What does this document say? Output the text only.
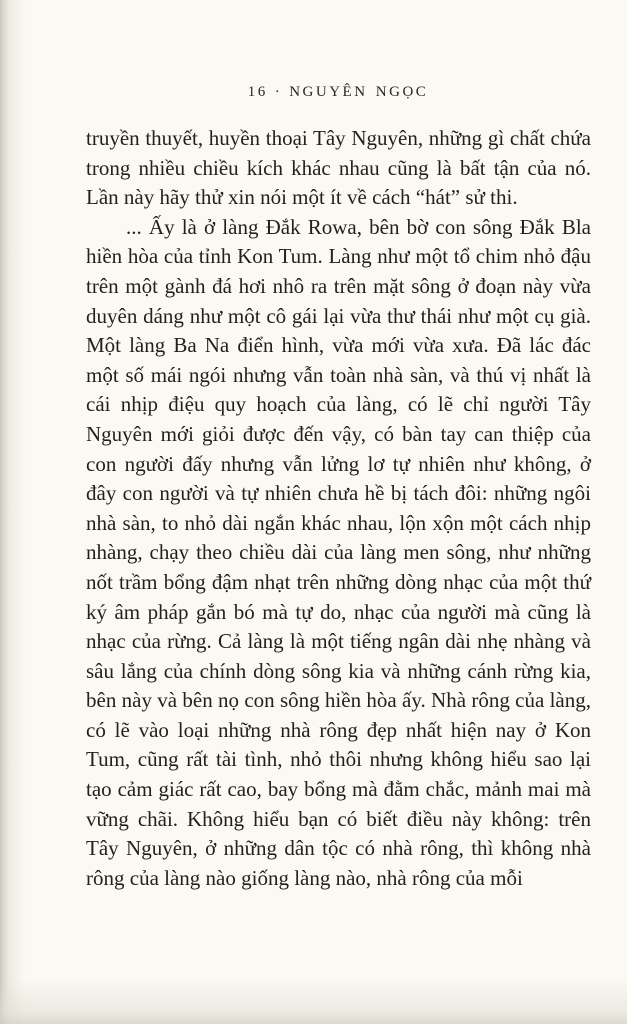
16 · NGUYÊN NGỌC

truyền thuyết, huyền thoại Tây Nguyên, những gì chất chứa trong nhiều chiều kích khác nhau cũng là bất tận của nó. Lần này hãy thử xin nói một ít về cách “hát” sử thi.

... Ấy là ở làng Đắk Rowa, bên bờ con sông Đắk Bla hiền hòa của tỉnh Kon Tum. Làng như một tổ chim nhỏ đậu trên một gành đá hơi nhô ra trên mặt sông ở đoạn này vừa duyên dáng như một cô gái lại vừa thư thái như một cụ già. Một làng Ba Na điển hình, vừa mới vừa xưa. Đã lác đác một số mái ngói nhưng vẫn toàn nhà sàn, và thú vị nhất là cái nhịp điệu quy hoạch của làng, có lẽ chỉ người Tây Nguyên mới giỏi được đến vậy, có bàn tay can thiệp của con người đấy nhưng vẫn lửng lơ tự nhiên như không, ở đây con người và tự nhiên chưa hề bị tách đôi: những ngôi nhà sàn, to nhỏ dài ngắn khác nhau, lộn xộn một cách nhịp nhàng, chạy theo chiều dài của làng men sông, như những nốt trầm bổng đậm nhạt trên những dòng nhạc của một thứ ký âm pháp gắn bó mà tự do, nhạc của người mà cũng là nhạc của rừng. Cả làng là một tiếng ngân dài nhẹ nhàng và sâu lắng của chính dòng sông kia và những cánh rừng kia, bên này và bên nọ con sông hiền hòa ấy. Nhà rông của làng, có lẽ vào loại những nhà rông đẹp nhất hiện nay ở Kon Tum, cũng rất tài tình, nhỏ thôi nhưng không hiểu sao lại tạo cảm giác rất cao, bay bổng mà đằm chắc, mảnh mai mà vững chãi. Không hiểu bạn có biết điều này không: trên Tây Nguyên, ở những dân tộc có nhà rông, thì không nhà rông của làng nào giống làng nào, nhà rông của mỗi
